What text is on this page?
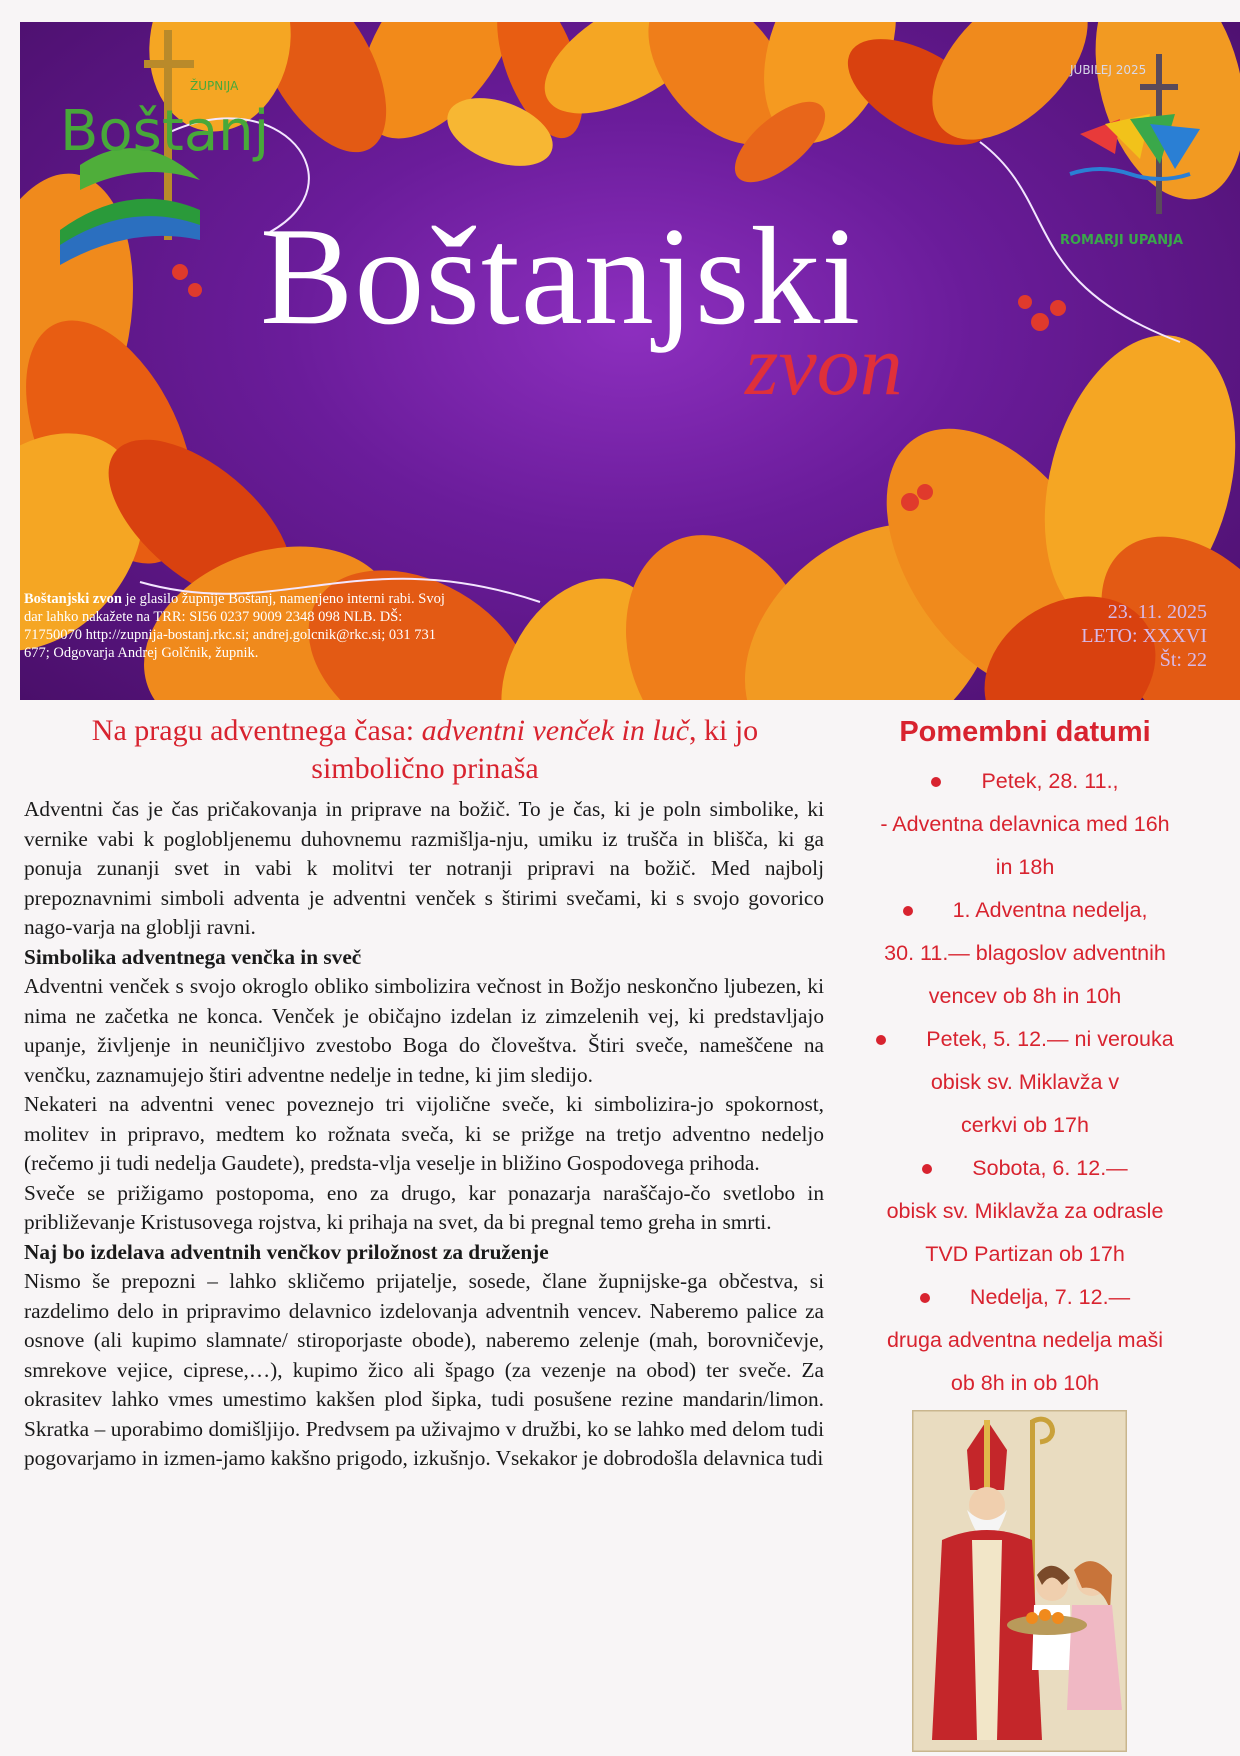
Boštanj
ŽUPNIJA
JUBILEJ 2025
ROMARJI UPANJA
Boštanjski
zvon
Boštanjski zvon je glasilo župnije Boštanj, namenjeno interni rabi. Svoj dar lahko nakažete na TRR: SI56 0237 9009 2348 098 NLB. DŠ: 71750070 http://zupnija-bostanj.rkc.si; andrej.golcnik@rkc.si; 031 731 677; Odgovarja Andrej Golčnik, župnik.
23. 11. 2025
LETO: XXXVI
Št: 22
Na pragu adventnega časa: adventni venček in luč, ki jo simbolično prinaša

Adventni čas je čas pričakovanja in priprave na božič. To je čas, ki je poln simbolike, ki vernike vabi k poglobljenemu duhovnemu razmišlja-nju, umiku iz trušča in blišča, ki ga ponuja zunanji svet in vabi k molitvi ter notranji pripravi na božič. Med najbolj prepoznavnimi simboli adventa je adventni venček s štirimi svečami, ki s svojo govorico nago-varja na globlji ravni.

Simbolika adventnega venčka in sveč

Adventni venček s svojo okroglo obliko simbolizira večnost in Božjo neskončno ljubezen, ki nima ne začetka ne konca. Venček je običajno izdelan iz zimzelenih vej, ki predstavljajo upanje, življenje in neuničljivo zvestobo Boga do človeštva. Štiri sveče, nameščene na venčku, zaznamujejo štiri adventne nedelje in tedne, ki jim sledijo.

Nekateri na adventni venec poveznejo tri vijolične sveče, ki simbolizira-jo spokornost, molitev in pripravo, medtem ko rožnata sveča, ki se prižge na tretjo adventno nedeljo (rečemo ji tudi nedelja Gaudete), predsta-vlja veselje in bližino Gospodovega prihoda.

Sveče se prižigamo postopoma, eno za drugo, kar ponazarja naraščajo-čo svetlobo in približevanje Kristusovega rojstva, ki prihaja na svet, da bi pregnal temo greha in smrti.

Naj bo izdelava adventnih venčkov priložnost za druženje

Nismo še prepozni – lahko skličemo prijatelje, sosede, člane župnijske-ga občestva, si razdelimo delo in pripravimo delavnico izdelovanja adventnih vencev. Naberemo palice za osnove (ali kupimo slamnate/ stiroporjaste obode), naberemo zelenje (mah, borovničevje, smrekove vejice, ciprese,…), kupimo žico ali špago (za vezenje na obod) ter sveče. Za okrasitev lahko vmes umestimo kakšen plod šipka, tudi posušene rezine mandarin/limon. Skratka – uporabimo domišljijo. Predvsem pa uživajmo v družbi, ko se lahko med delom tudi pogovarjamo in izmen-jamo kakšno prigodo, izkušnjo. Vsekakor je dobrodošla delavnica tudi

Pomembni datumi
Petek, 28. 11.,
- Adventna delavnica med 16h
in 18h
1. Adventna nedelja,
30. 11.— blagoslov adventnih
vencev ob 8h in 10h
Petek, 5. 12.— ni verouka
obisk sv. Miklavža v
cerkvi ob 17h
Sobota, 6. 12.—
obisk sv. Miklavža za odrasle
TVD Partizan ob 17h
Nedelja, 7. 12.—
druga adventna nedelja maši
ob 8h in ob 10h
